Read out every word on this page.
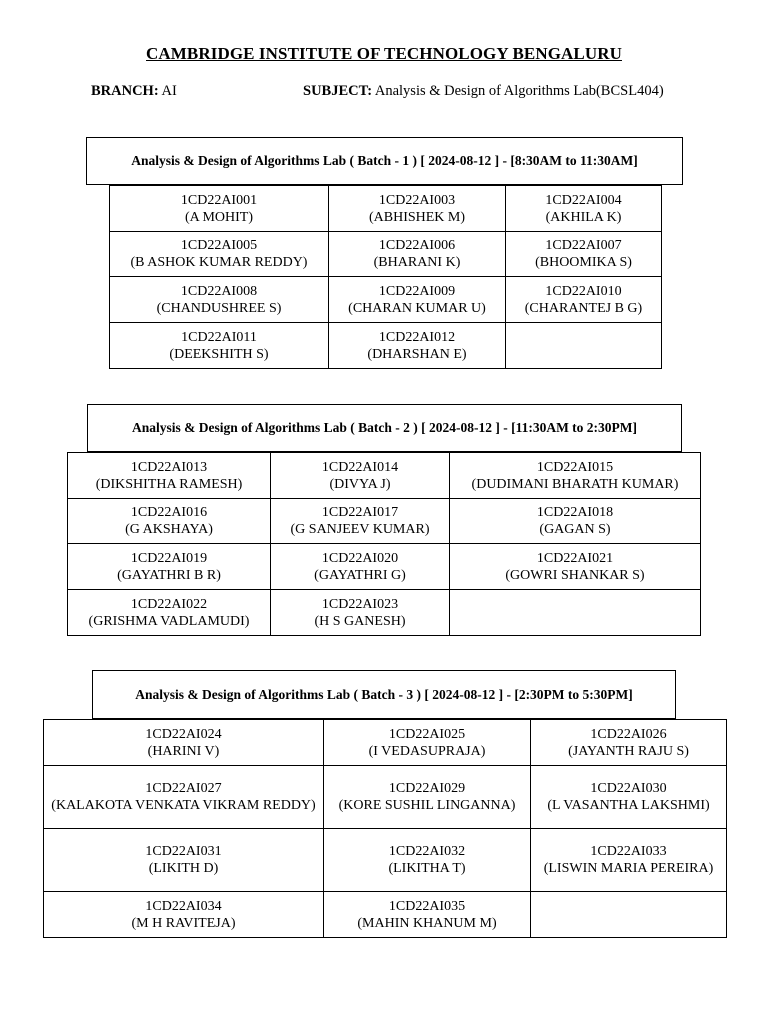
CAMBRIDGE INSTITUTE OF TECHNOLOGY BENGALURU
BRANCH: AI	SUBJECT: Analysis & Design of Algorithms Lab(BCSL404)
Analysis & Design of Algorithms Lab ( Batch - 1 ) [ 2024-08-12 ] - [8:30AM to 11:30AM]
1CD22AI001
(A MOHIT)	1CD22AI003
(ABHISHEK M)	1CD22AI004
(AKHILA K)

1CD22AI005
(B ASHOK KUMAR REDDY)	1CD22AI006
(BHARANI K)	1CD22AI007
(BHOOMIKA S)

1CD22AI008
(CHANDUSHREE S)	1CD22AI009
(CHARAN KUMAR U)	1CD22AI010
(CHARANTEJ B G)

1CD22AI011
(DEEKSHITH S)	1CD22AI012
(DHARSHAN E)	

Analysis & Design of Algorithms Lab ( Batch - 2 ) [ 2024-08-12 ] - [11:30AM to 2:30PM]
1CD22AI013
(DIKSHITHA RAMESH)	1CD22AI014
(DIVYA J)	1CD22AI015
(DUDIMANI BHARATH KUMAR)

1CD22AI016
(G AKSHAYA)	1CD22AI017
(G SANJEEV KUMAR)	1CD22AI018
(GAGAN S)

1CD22AI019
(GAYATHRI B R)	1CD22AI020
(GAYATHRI G)	1CD22AI021
(GOWRI SHANKAR S)

1CD22AI022
(GRISHMA VADLAMUDI)	1CD22AI023
(H S GANESH)	

Analysis & Design of Algorithms Lab ( Batch - 3 ) [ 2024-08-12 ] - [2:30PM to 5:30PM]
1CD22AI024
(HARINI V)	1CD22AI025
(I VEDASUPRAJA)	1CD22AI026
(JAYANTH RAJU S)

1CD22AI027
(KALAKOTA VENKATA VIKRAM REDDY)	1CD22AI029
(KORE SUSHIL LINGANNA)	1CD22AI030
(L VASANTHA LAKSHMI)

1CD22AI031
(LIKITH D)	1CD22AI032
(LIKITHA T)	1CD22AI033
(LISWIN MARIA PEREIRA)

1CD22AI034
(M H RAVITEJA)	1CD22AI035
(MAHIN KHANUM M)	
